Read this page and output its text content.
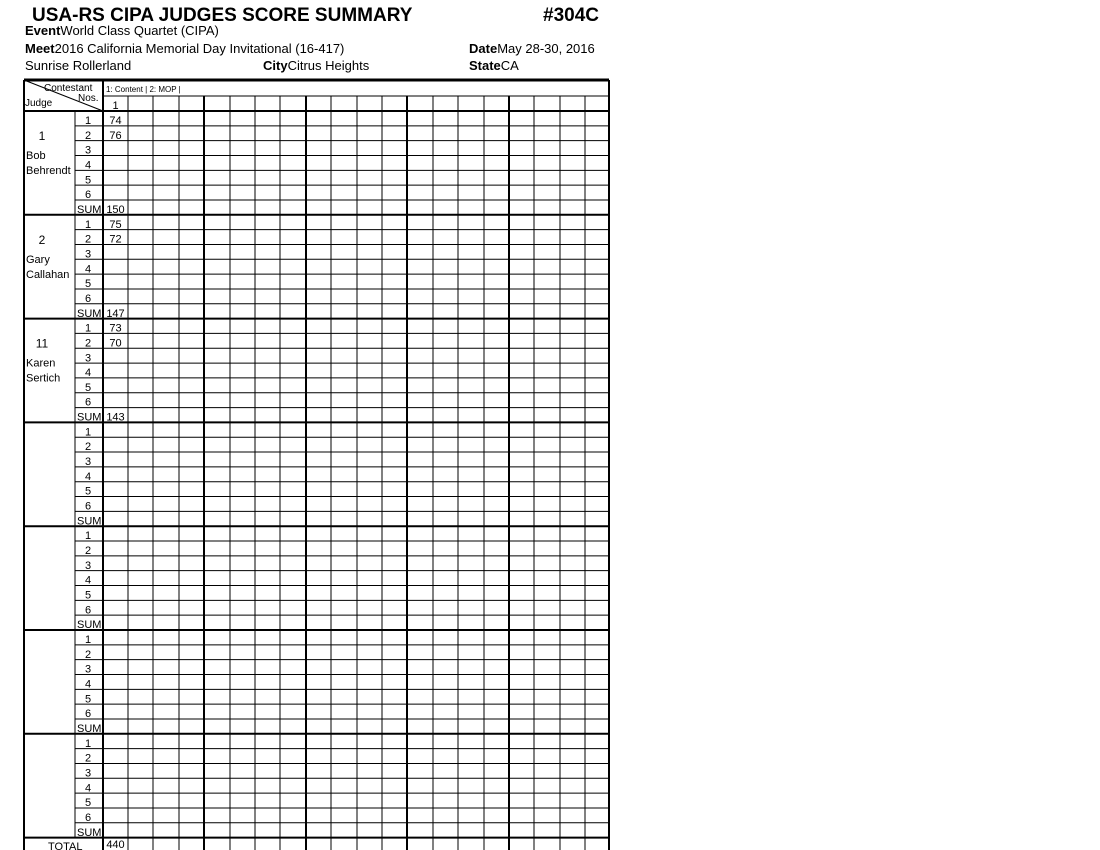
USA-RS CIPA JUDGES SCORE SUMMARY	#304C
EventWorld Class Quartet (CIPA)
Meet2016 California Memorial Day Invitational (16-417)	DateMay 28-30, 2016
Sunrise Rollerland	CityCitrus Heights	StateCA
Contestant
Nos.
Judge
1: Content | 2: MOP |
1
1
Bob
Behrendt
1 74
2 76
3
4
5
6
SUM 150
2
Gary
Callahan
1 75
2 72
3
4
5
6
SUM 147
11
Karen
Sertich
1 73
2 70
3
4
5
6
SUM 143
1
2
3
4
5
6
SUM
1
2
3
4
5
6
SUM
1
2
3
4
5
6
SUM
1
2
3
4
5
6
SUM
TOTAL 440
